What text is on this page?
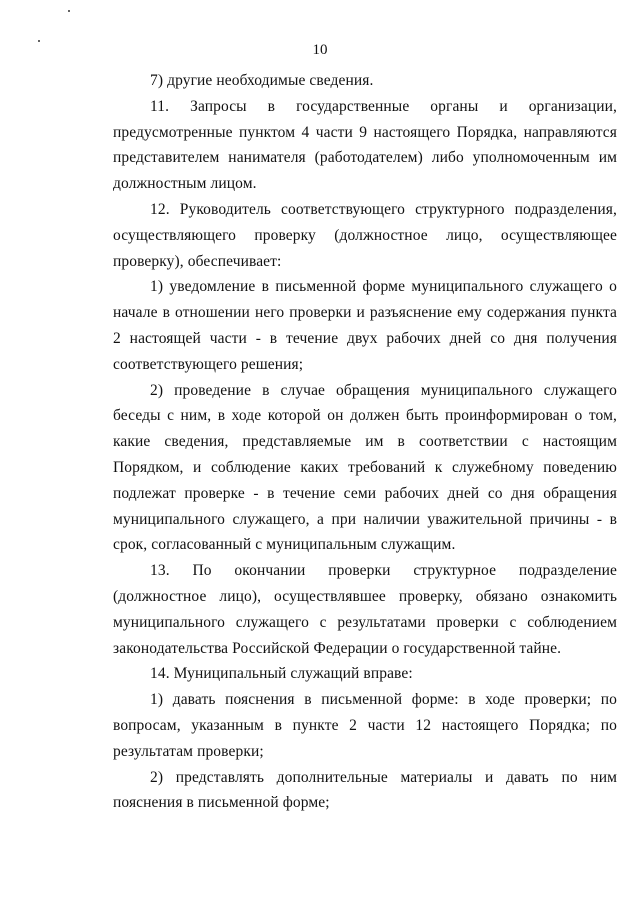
10

7) другие необходимые сведения.

11. Запросы в государственные органы и организации, предусмотренные пунктом 4 части 9 настоящего Порядка, направляются представителем нанимателя (работодателем) либо уполномоченным им должностным лицом.

12. Руководитель соответствующего структурного подразделения, осуществляющего проверку (должностное лицо, осуществляющее проверку), обеспечивает:

1) уведомление в письменной форме муниципального служащего о начале в отношении него проверки и разъяснение ему содержания пункта 2 настоящей части - в течение двух рабочих дней со дня получения соответствующего решения;

2) проведение в случае обращения муниципального служащего беседы с ним, в ходе которой он должен быть проинформирован о том, какие сведения, представляемые им в соответствии с настоящим Порядком, и соблюдение каких требований к служебному поведению подлежат проверке - в течение семи рабочих дней со дня обращения муниципального служащего, а при наличии уважительной причины - в срок, согласованный с муниципальным служащим.

13. По окончании проверки структурное подразделение (должностное лицо), осуществлявшее проверку, обязано ознакомить муниципального служащего с результатами проверки с соблюдением законодательства Российской Федерации о государственной тайне.

14. Муниципальный служащий вправе:

1) давать пояснения в письменной форме: в ходе проверки; по вопросам, указанным в пункте 2 части 12 настоящего Порядка; по результатам проверки;

2) представлять дополнительные материалы и давать по ним пояснения в письменной форме;
